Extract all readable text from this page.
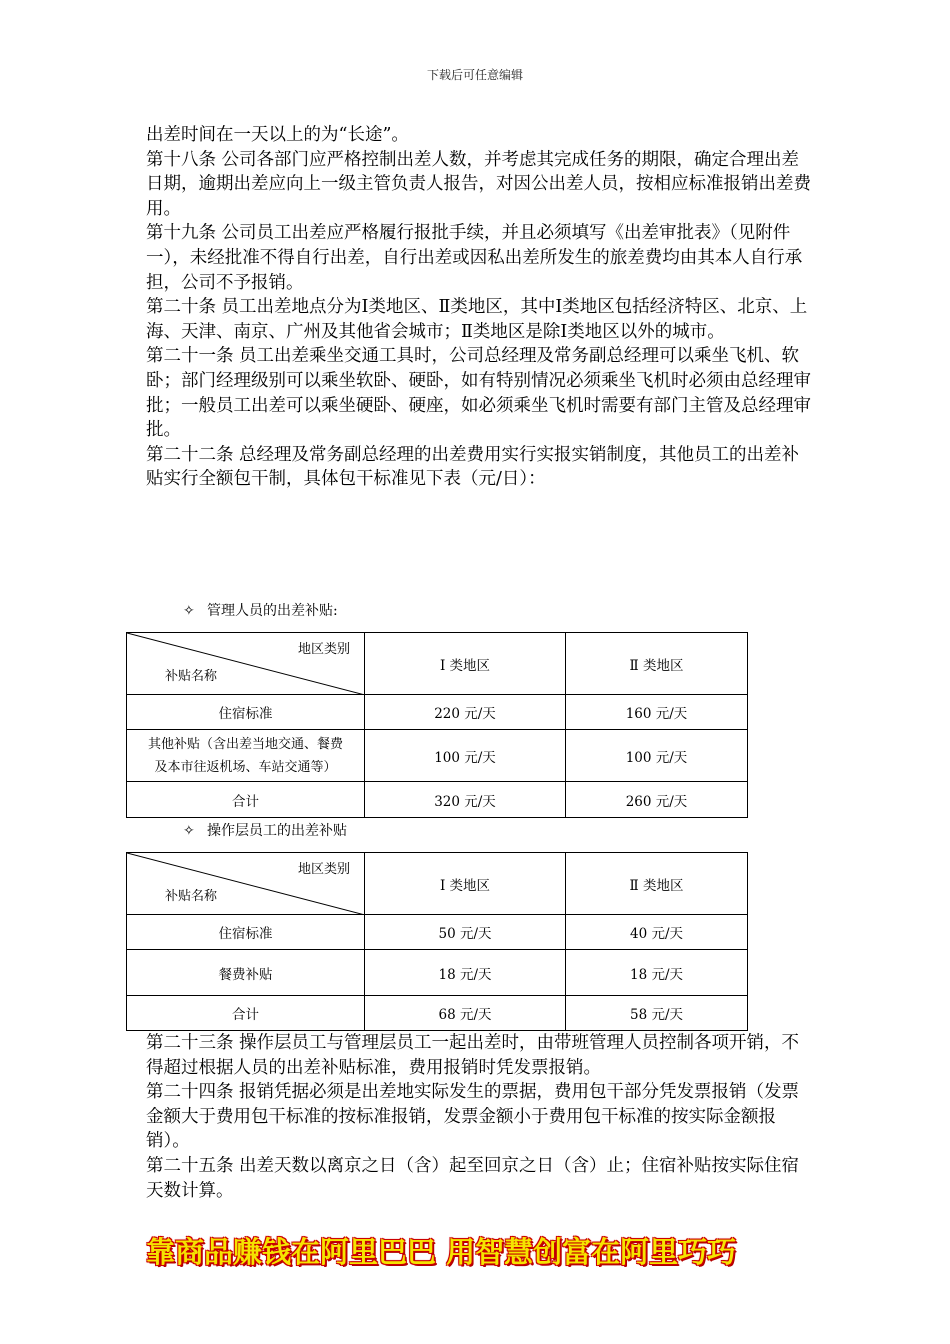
下载后可任意编辑

出差时间在一天以上的为“长途”。

第十八条 公司各部门应严格控制出差人数，并考虑其完成任务的期限，确定合理出差日期，逾期出差应向上一级主管负责人报告，对因公出差人员，按相应标准报销出差费用。

第十九条 公司员工出差应严格履行报批手续，并且必须填写《出差审批表》（见附件一），未经批准不得自行出差，自行出差或因私出差所发生的旅差费均由其本人自行承担，公司不予报销。

第二十条 员工出差地点分为Ⅰ类地区、Ⅱ类地区，其中Ⅰ类地区包括经济特区、北京、上海、天津、南京、广州及其他省会城市；Ⅱ类地区是除Ⅰ类地区以外的城市。

第二十一条 员工出差乘坐交通工具时，公司总经理及常务副总经理可以乘坐飞机、软卧；部门经理级别可以乘坐软卧、硬卧，如有特别情况必须乘坐飞机时必须由总经理审批；一般员工出差可以乘坐硬卧、硬座，如必须乘坐飞机时需要有部门主管及总经理审批。

第二十二条 总经理及常务副总经理的出差费用实行实报实销制度，其他员工的出差补贴实行全额包干制，具体包干标准见下表（元/日）：

✧ 管理人员的出差补贴:
地区类别
补贴名称	Ⅰ 类地区	Ⅱ 类地区
住宿标准	220 元/天	160 元/天

其他补贴（含出差当地交通、餐费
及本市往返机场、车站交通等）	100 元/天	100 元/天
合计	320 元/天	260 元/天
✧ 操作层员工的出差补贴
地区类别
补贴名称	Ⅰ 类地区	Ⅱ 类地区
住宿标准	50 元/天	40 元/天
餐费补贴	18 元/天	18 元/天
合计	68 元/天	58 元/天

第二十三条 操作层员工与管理层员工一起出差时，由带班管理人员控制各项开销，不得超过根据人员的出差补贴标准，费用报销时凭发票报销。

第二十四条 报销凭据必须是出差地实际发生的票据，费用包干部分凭发票报销（发票金额大于费用包干标准的按标准报销，发票金额小于费用包干标准的按实际金额报销）。

第二十五条 出差天数以离京之日（含）起至回京之日（含）止；住宿补贴按实际住宿天数计算。

靠商品赚钱在阿里巴巴 用智慧创富在阿里巧巧
